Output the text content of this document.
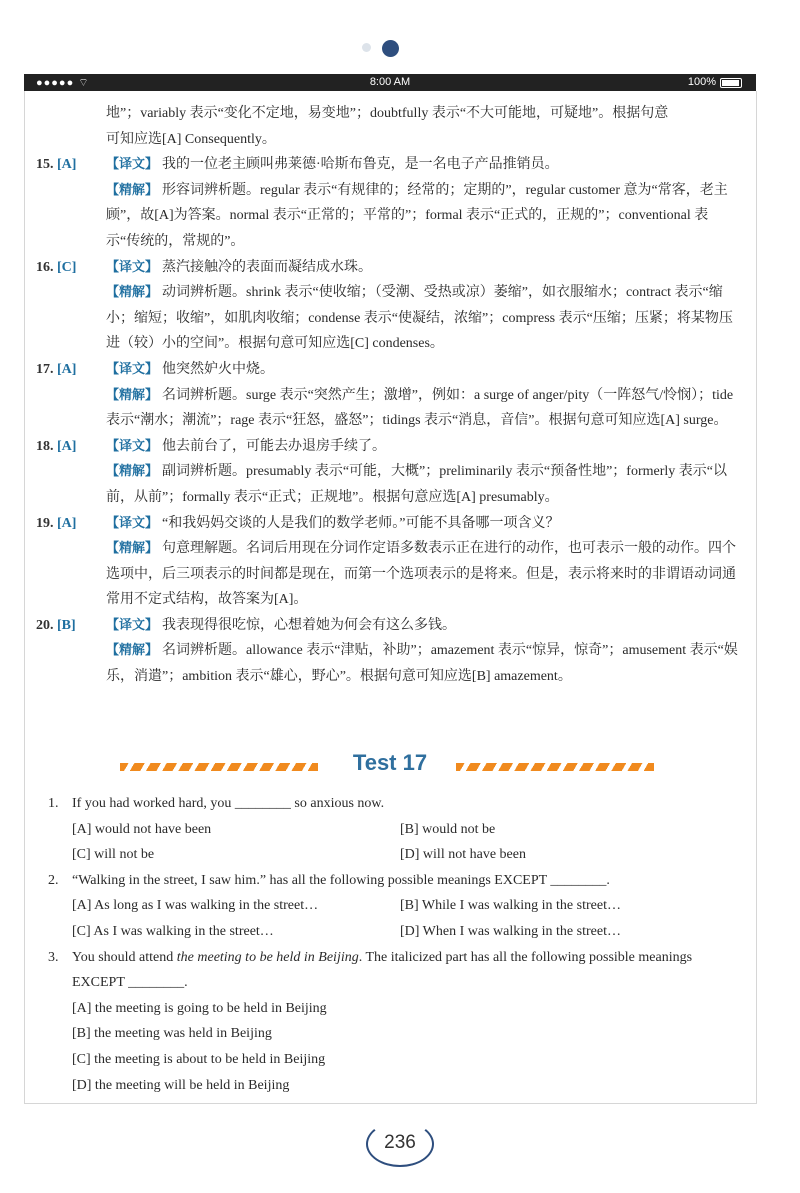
●●●●● ⌔	8:00 AM	100%
地”；variably 表示“变化不定地，易变地”；doubtfully 表示“不大可能地，可疑地”。根据句意
可知应选[A] Consequently。
15. [A] 【译文】 我的一位老主顾叫弗莱德·哈斯布鲁克，是一名电子产品推销员。
【精解】 形容词辨析题。regular 表示“有规律的；经常的；定期的”，regular customer 意为“常客，老主顾”，故[A]为答案。normal 表示“正常的；平常的”；formal 表示“正式的，正规的”；conventional 表示“传统的，常规的”。
16. [C] 【译文】 蒸汽接触冷的表面而凝结成水珠。
【精解】 动词辨析题。shrink 表示“使收缩；（受潮、受热或凉）萎缩”，如衣服缩水；contract 表示“缩小；缩短；收缩”，如肌肉收缩；condense 表示“使凝结，浓缩”；compress 表示“压缩；压紧；将某物压进（较）小的空间”。根据句意可知应选[C] condenses。
17. [A] 【译文】 他突然妒火中烧。
【精解】 名词辨析题。surge 表示“突然产生；激增”，例如：a surge of anger/pity（一阵怒气/怜悯）；tide 表示“潮水；潮流”；rage 表示“狂怒，盛怒”；tidings 表示“消息，音信”。根据句意可知应选[A] surge。
18. [A] 【译文】 他去前台了，可能去办退房手续了。
【精解】 副词辨析题。presumably 表示“可能，大概”；preliminarily 表示“预备性地”；formerly 表示“以前，从前”；formally 表示“正式；正规地”。根据句意应选[A] presumably。
19. [A] 【译文】 “和我妈妈交谈的人是我们的数学老师。”可能不具备哪一项含义？
【精解】 句意理解题。名词后用现在分词作定语多数表示正在进行的动作，也可表示一般的动作。四个选项中，后三项表示的时间都是现在，而第一个选项表示的是将来。但是，表示将来时的非谓语动词通常用不定式结构，故答案为[A]。
20. [B] 【译文】 我表现得很吃惊，心想着她为何会有这么多钱。
【精解】 名词辨析题。allowance 表示“津贴，补助”；amazement 表示“惊异，惊奇”；amusement 表示“娱乐，消遣”；ambition 表示“雄心，野心”。根据句意可知应选[B] amazement。
Test 17
1. If you had worked hard, you ________ so anxious now.
[A] would not have been	[B] would not be
[C] will not be	[D] will not have been
2. “Walking in the street, I saw him.” has all the following possible meanings EXCEPT ________.
[A] As long as I was walking in the street…	[B] While I was walking in the street…
[C] As I was walking in the street…	[D] When I was walking in the street…
3. You should attend the meeting to be held in Beijing. The italicized part has all the following possible meanings EXCEPT ________.
[A] the meeting is going to be held in Beijing
[B] the meeting was held in Beijing
[C] the meeting is about to be held in Beijing
[D] the meeting will be held in Beijing
236
